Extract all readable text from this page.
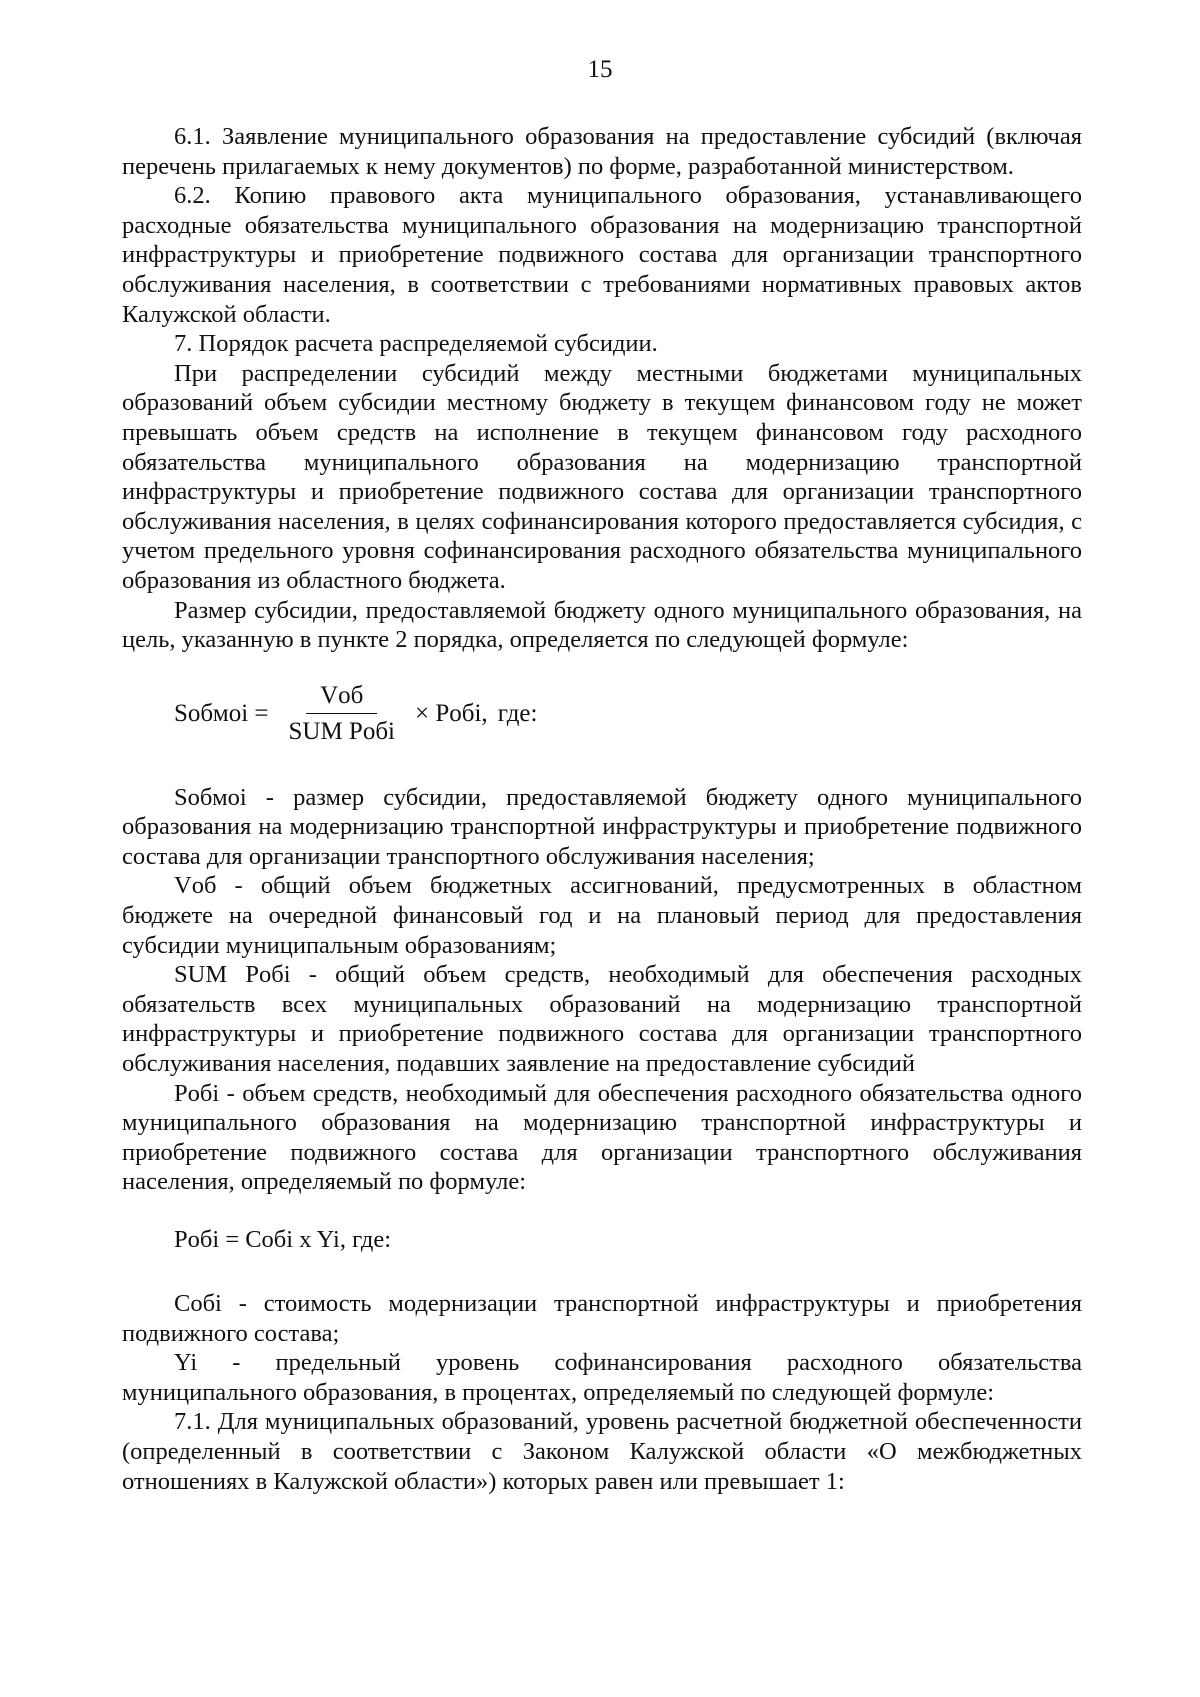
15

6.1. Заявление муниципального образования на предоставление субсидий (включая перечень прилагаемых к нему документов) по форме, разработанной министерством.

6.2. Копию правового акта муниципального образования, устанавливающего расходные обязательства муниципального образования на модернизацию транспортной инфраструктуры и приобретение подвижного состава для организации транспортного обслуживания населения, в соответствии с требованиями нормативных правовых актов Калужской области.

7. Порядок расчета распределяемой субсидии.

При распределении субсидий между местными бюджетами муниципальных образований объем субсидии местному бюджету в текущем финансовом году не может превышать объем средств на исполнение в текущем финансовом году расходного обязательства муниципального образования на модернизацию транспортной инфраструктуры и приобретение подвижного состава для организации транспортного обслуживания населения, в целях софинансирования которого предоставляется субсидия, с учетом предельного уровня софинансирования расходного обязательства муниципального образования из областного бюджета.

Размер субсидии, предоставляемой бюджету одного муниципального образования, на цель, указанную в пункте 2 порядка, определяется по следующей формуле:

Sобмоi = $\frac{\text{Vоб}}{\text{SUM Pобi}}$ × Pобi, где:

Sобмоi - размер субсидии, предоставляемой бюджету одного муниципального образования на модернизацию транспортной инфраструктуры и приобретение подвижного состава для организации транспортного обслуживания населения;

Vоб - общий объем бюджетных ассигнований, предусмотренных в областном бюджете на очередной финансовый год и на плановый период для предоставления субсидии муниципальным образованиям;

SUM Pобi - общий объем средств, необходимый для обеспечения расходных обязательств всех муниципальных образований на модернизацию транспортной инфраструктуры и приобретение подвижного состава для организации транспортного обслуживания населения, подавших заявление на предоставление субсидий

Pобi - объем средств, необходимый для обеспечения расходного обязательства одного муниципального образования на модернизацию транспортной инфраструктуры и приобретение подвижного состава для организации транспортного обслуживания населения, определяемый по формуле:

Pобi = Cобi x Yi, где:

Cобi - стоимость модернизации транспортной инфраструктуры и приобретения подвижного состава;

Yi - предельный уровень софинансирования расходного обязательства муниципального образования, в процентах, определяемый по следующей формуле:

7.1. Для муниципальных образований, уровень расчетной бюджетной обеспеченности (определенный в соответствии с Законом Калужской области «О межбюджетных отношениях в Калужской области») которых равен или превышает 1:
